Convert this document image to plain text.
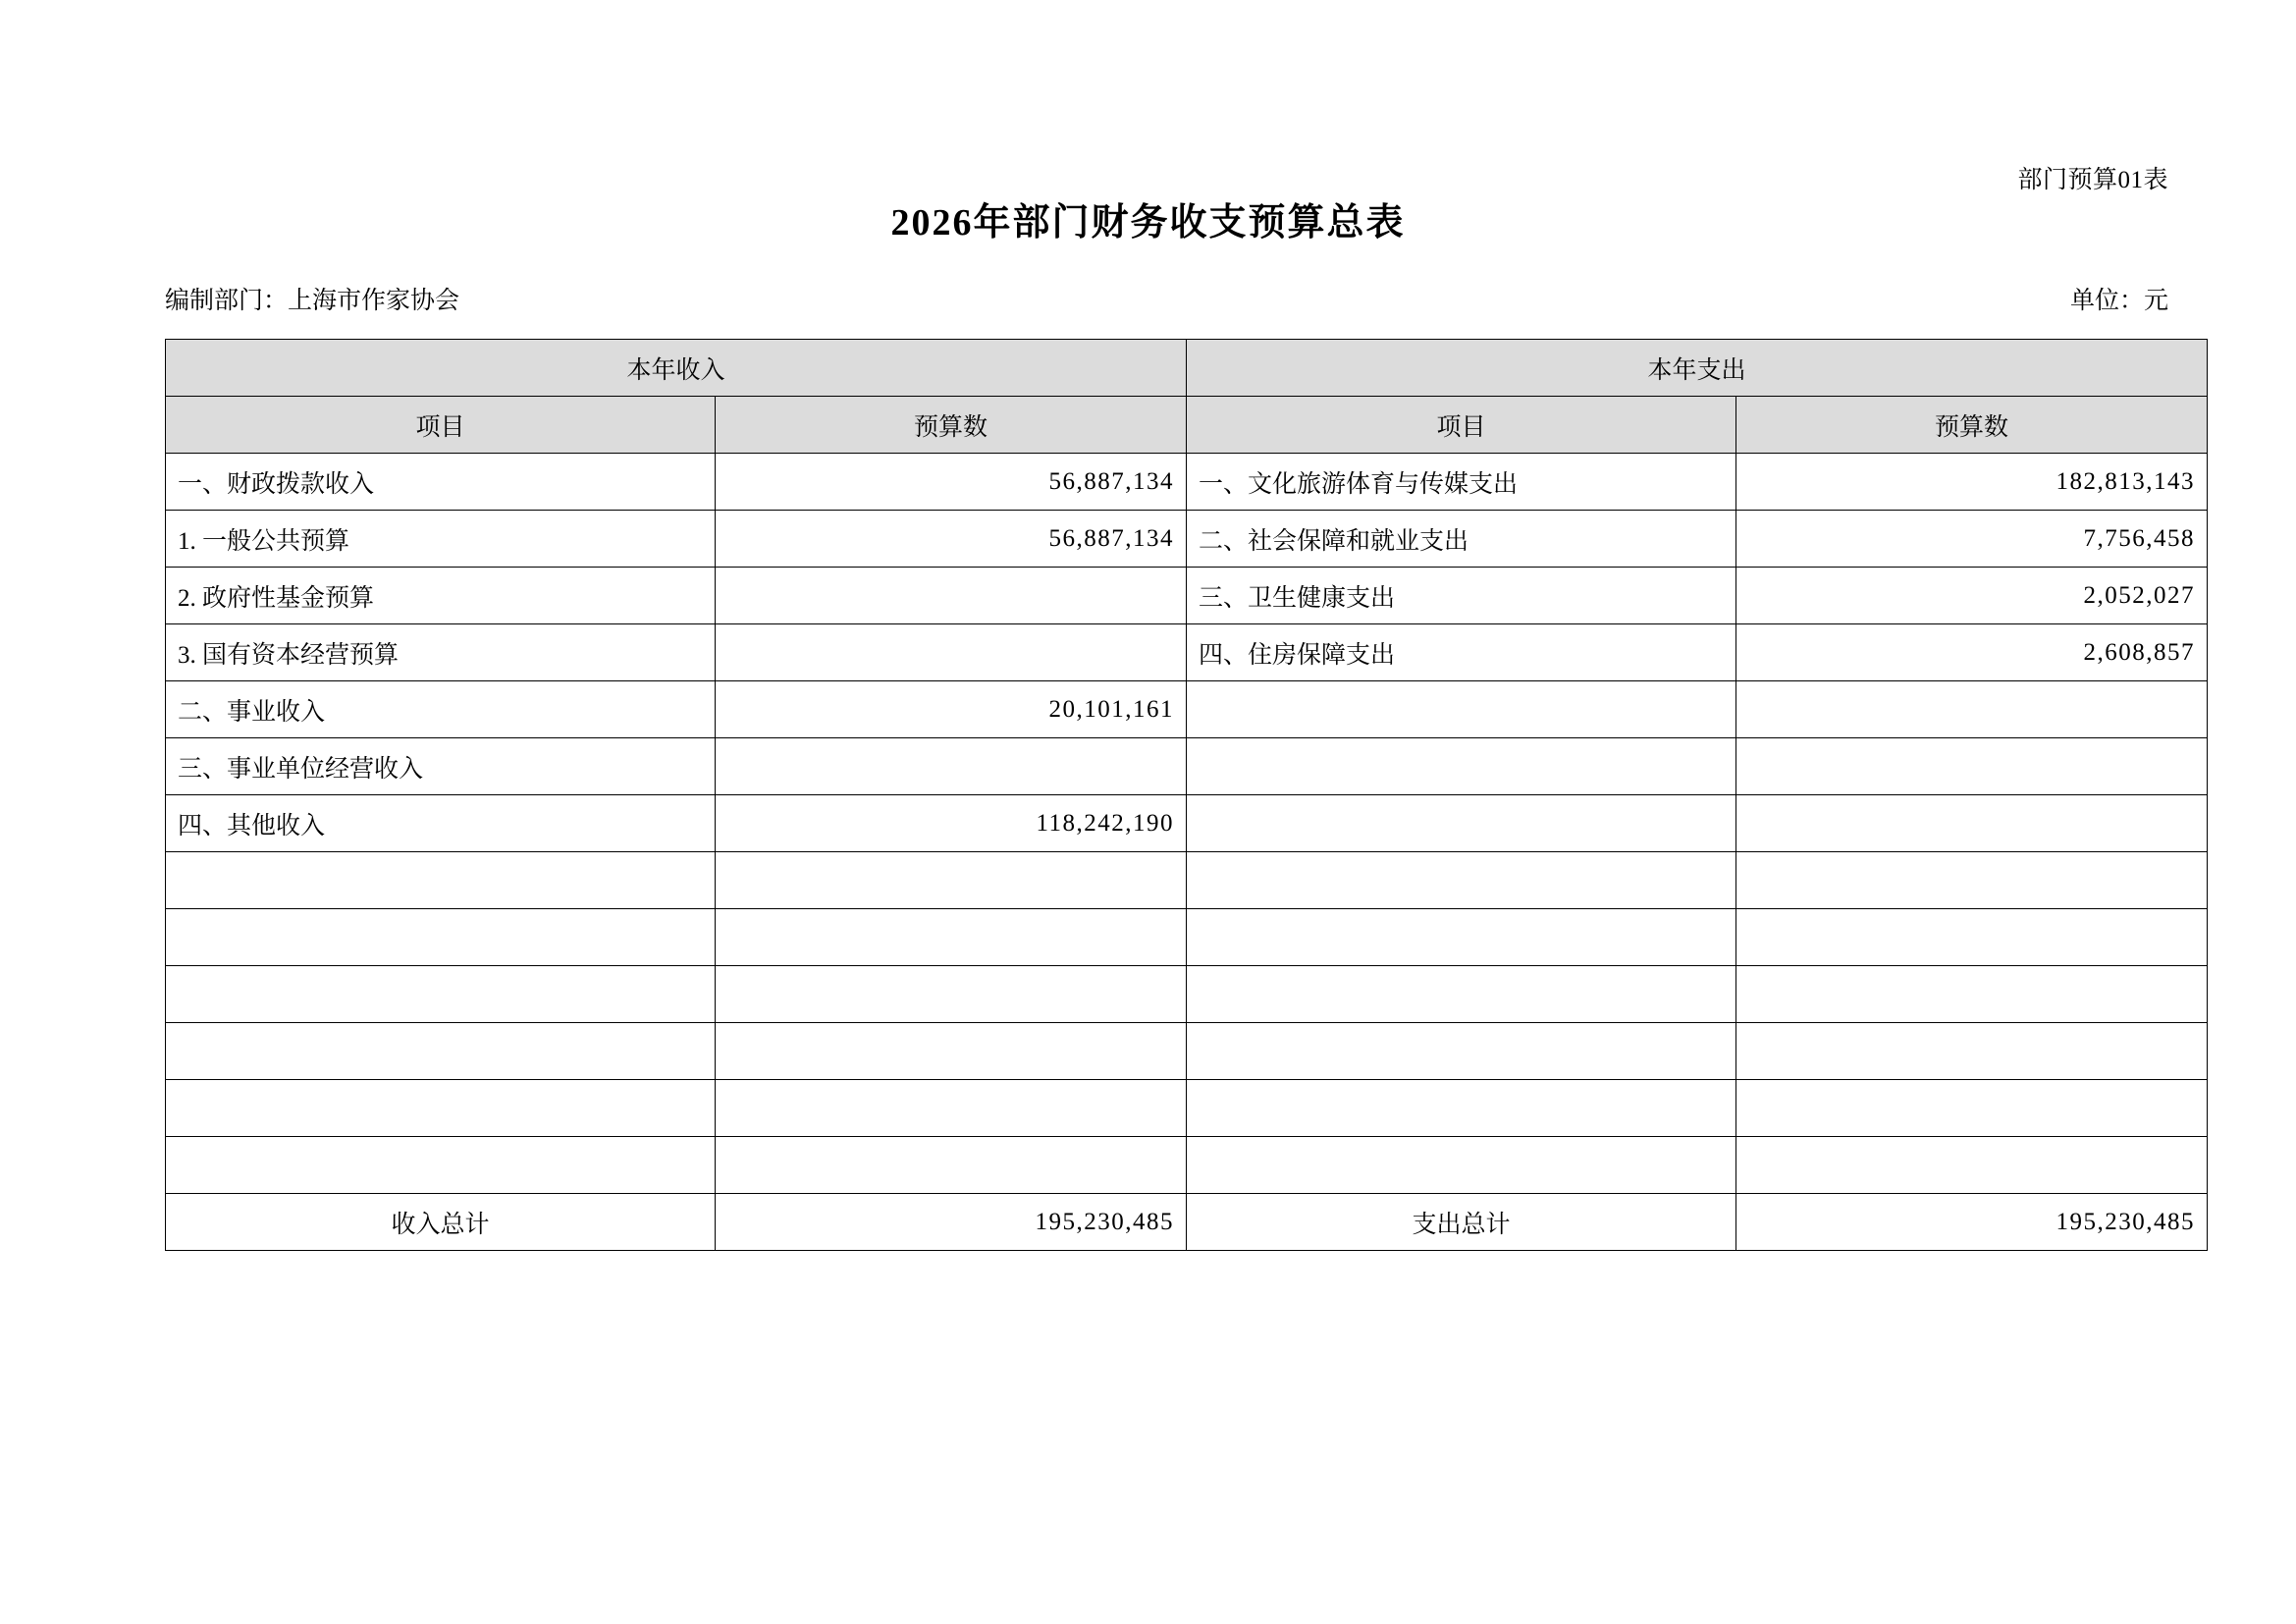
部门预算01表
2026年部门财务收支预算总表
编制部门：上海市作家协会	单位：元
本年收入		本年支出	
项目	预算数	项目	预算数
一、财政拨款收入	56,887,134	一、文化旅游体育与传媒支出	182,813,143
1. 一般公共预算	56,887,134	二、社会保障和就业支出	7,756,458
2. 政府性基金预算		三、卫生健康支出	2,052,027
3. 国有资本经营预算		四、住房保障支出	2,608,857
二、事业收入	20,101,161		
三、事业单位经营收入			
四、其他收入	118,242,190		

收入总计	195,230,485	支出总计	195,230,485
